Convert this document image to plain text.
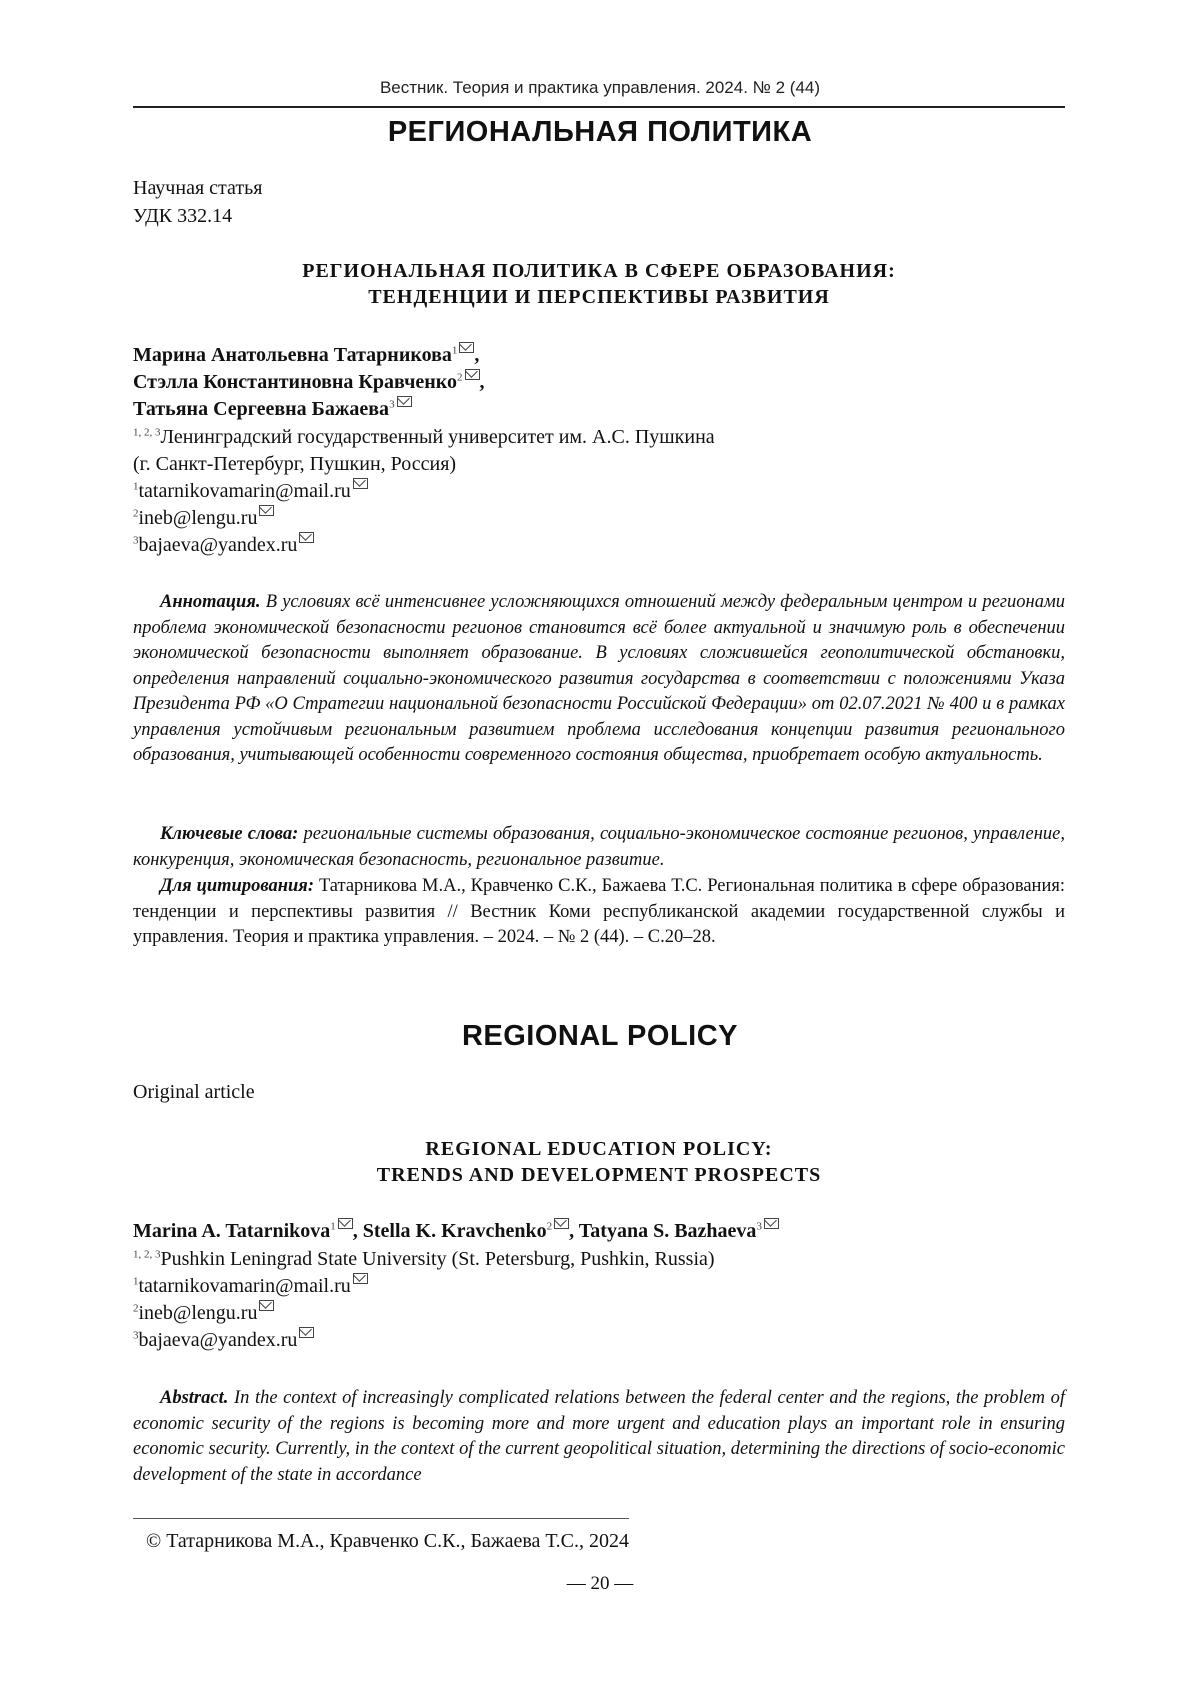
Вестник. Теория и практика управления. 2024. № 2 (44)
РЕГИОНАЛЬНАЯ ПОЛИТИКА
Научная статья
УДК 332.14
РЕГИОНАЛЬНАЯ ПОЛИТИКА В СФЕРЕ ОБРАЗОВАНИЯ:
ТЕНДЕНЦИИ И ПЕРСПЕКТИВЫ РАЗВИТИЯ
Марина Анатольевна Татарникова1 ,
Стэлла Константиновна Кравченко2 ,
Татьяна Сергеевна Бажаева3
1, 2, 3Ленинградский государственный университет им. А.С. Пушкина
(г. Санкт-Петербург, Пушкин, Россия)
1tatarnikovamarin@mail.ru
2ineb@lengu.ru
3bajaeva@yandex.ru
Аннотация. В условиях всё интенсивнее усложняющихся отношений между федеральным центром и регионами проблема экономической безопасности регионов становится всё более актуальной и значимую роль в обеспечении экономической безопасности выполняет образование. В условиях сложившейся геополитической обстановки, определения направлений социально-экономического развития государства в соответствии с положениями Указа Президента РФ «О Стратегии национальной безопасности Российской Федерации» от 02.07.2021 № 400 и в рамках управления устойчивым региональным развитием проблема исследования концепции развития регионального образования, учитывающей особенности современного состояния общества, приобретает особую актуальность.
Ключевые слова: региональные системы образования, социально-экономическое состояние регионов, управление, конкуренция, экономическая безопасность, региональное развитие.
Для цитирования: Татарникова М.А., Кравченко С.К., Бажаева Т.С. Региональная политика в сфере образования: тенденции и перспективы развития // Вестник Коми республиканской академии государственной службы и управления. Теория и практика управления. – 2024. – № 2 (44). – С.20–28.
REGIONAL POLICY
Original article
REGIONAL EDUCATION POLICY:
TRENDS AND DEVELOPMENT PROSPECTS
Marina A. Tatarnikova1 , Stella K. Kravchenko2 , Tatyana S. Bazhaeva3
1, 2, 3Pushkin Leningrad State University (St. Petersburg, Pushkin, Russia)
1tatarnikovamarin@mail.ru
2ineb@lengu.ru
3bajaeva@yandex.ru
Abstract. In the context of increasingly complicated relations between the federal center and the regions, the problem of economic security of the regions is becoming more and more urgent and education plays an important role in ensuring economic security. Currently, in the context of the current geopolitical situation, determining the directions of socio-economic development of the state in accordance
© Татарникова М.А., Кравченко С.К., Бажаева Т.С., 2024
— 20 —
